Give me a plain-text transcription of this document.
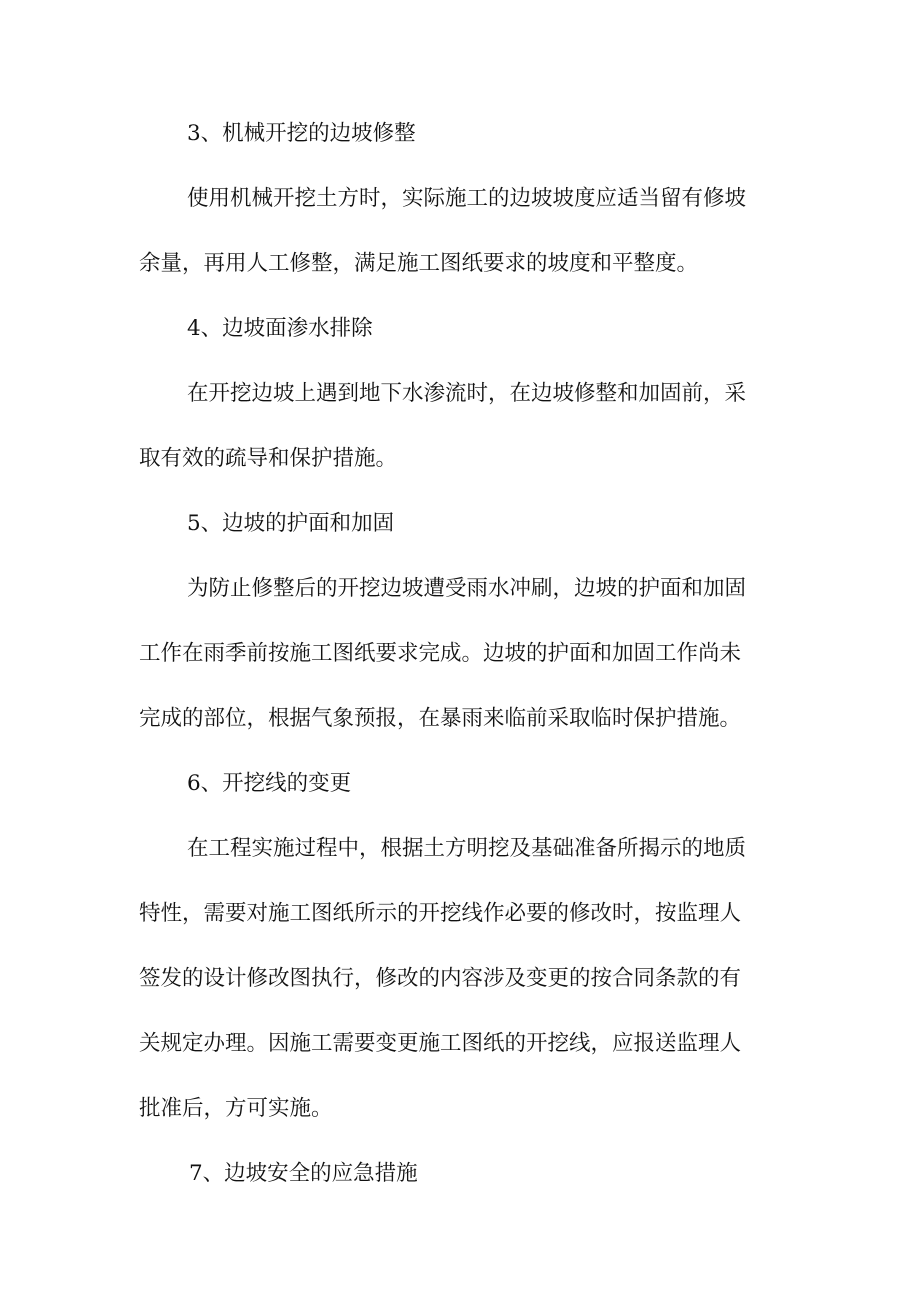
3、机械开挖的边坡修整
使用机械开挖土方时，实际施工的边坡坡度应适当留有修坡
余量，再用人工修整，满足施工图纸要求的坡度和平整度。
4、边坡面渗水排除
在开挖边坡上遇到地下水渗流时，在边坡修整和加固前，采
取有效的疏导和保护措施。
5、边坡的护面和加固
为防止修整后的开挖边坡遭受雨水冲刷，边坡的护面和加固
工作在雨季前按施工图纸要求完成。边坡的护面和加固工作尚未
完成的部位，根据气象预报，在暴雨来临前采取临时保护措施。
6、开挖线的变更
在工程实施过程中，根据土方明挖及基础准备所揭示的地质
特性，需要对施工图纸所示的开挖线作必要的修改时，按监理人
签发的设计修改图执行，修改的内容涉及变更的按合同条款的有
关规定办理。因施工需要变更施工图纸的开挖线，应报送监理人
批准后，方可实施。
7、边坡安全的应急措施
